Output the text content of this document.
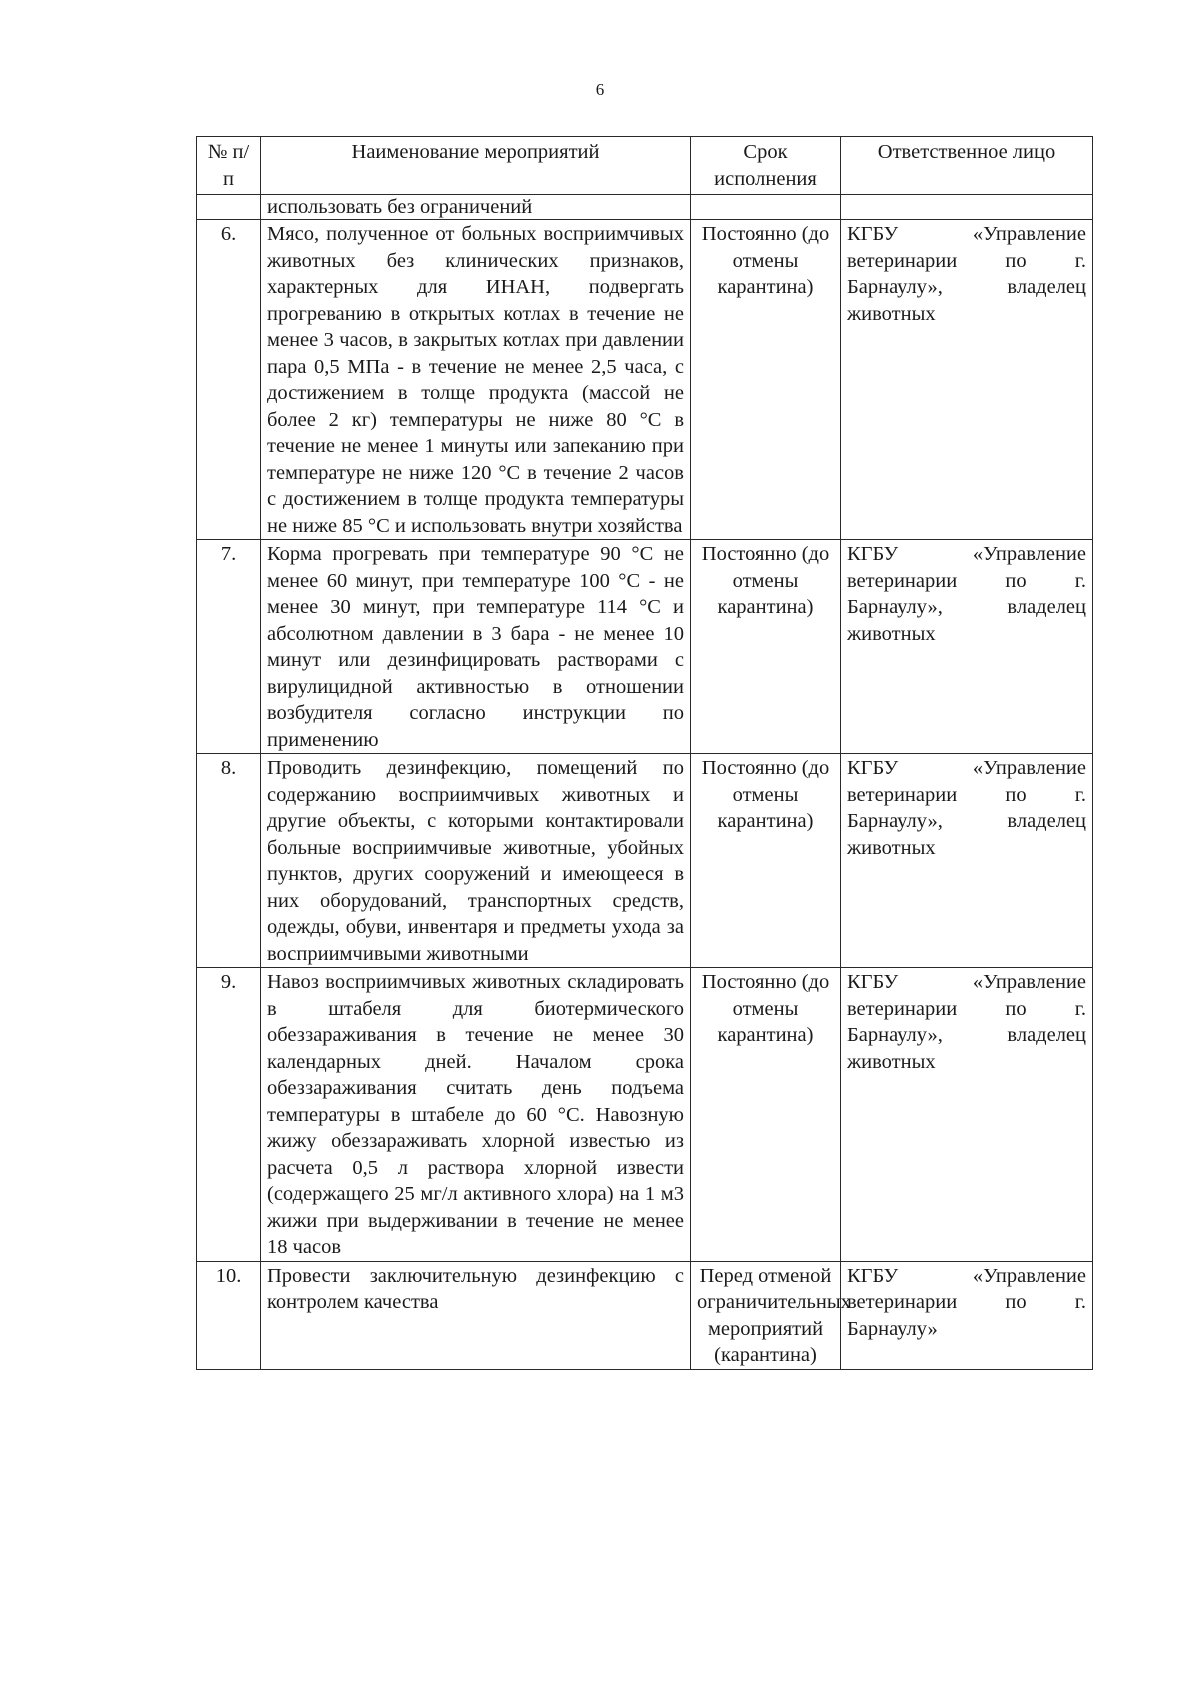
6
№ п/п	Наименование мероприятий	Срок исполнения	Ответственное лицо
	использовать без ограничений		
6.	Мясо, полученное от больных восприимчивых животных без клинических признаков, характерных для ИНАН, подвергать прогреванию в открытых котлах в течение не менее 3 часов, в закрытых котлах при давлении пара 0,5 МПа - в течение не менее 2,5 часа, с достижением в толще продукта (массой не более 2 кг) температуры не ниже 80 °С в течение не менее 1 минуты или запеканию при температуре не ниже 120 °С в течение 2 часов с достижением в толще продукта температуры не ниже 85 °С и использовать внутри хозяйства	Постоянно (до отмены карантина)	КГБУ «Управление ветеринарии по г. Барнаулу», владелец животных
7.	Корма прогревать при температуре 90 °С не менее 60 минут, при температуре 100 °С - не менее 30 минут, при температуре 114 °С и абсолютном давлении в 3 бара - не менее 10 минут или дезинфицировать растворами с вирулицидной активностью в отношении возбудителя согласно инструкции по применению	Постоянно (до отмены карантина)	КГБУ «Управление ветеринарии по г. Барнаулу», владелец животных
8.	Проводить дезинфекцию, помещений по содержанию восприимчивых животных и другие объекты, с которыми контактировали больные восприимчивые животные, убойных пунктов, других сооружений и имеющееся в них оборудований, транспортных средств, одежды, обуви, инвентаря и предметы ухода за восприимчивыми животными	Постоянно (до отмены карантина)	КГБУ «Управление ветеринарии по г. Барнаулу», владелец животных
9.	Навоз восприимчивых животных складировать в штабеля для биотермического обеззараживания в течение не менее 30 календарных дней. Началом срока обеззараживания считать день подъема температуры в штабеле до 60 °С. Навозную жижу обеззараживать хлорной известью из расчета 0,5 л раствора хлорной извести (содержащего 25 мг/л активного хлора) на 1 м3 жижи при выдерживании в течение не менее 18 часов	Постоянно (до отмены карантина)	КГБУ «Управление ветеринарии по г. Барнаулу», владелец животных
10.	Провести заключительную дезинфекцию с контролем качества	Перед отменой ограничительных мероприятий (карантина)	КГБУ «Управление ветеринарии по г. Барнаулу»
